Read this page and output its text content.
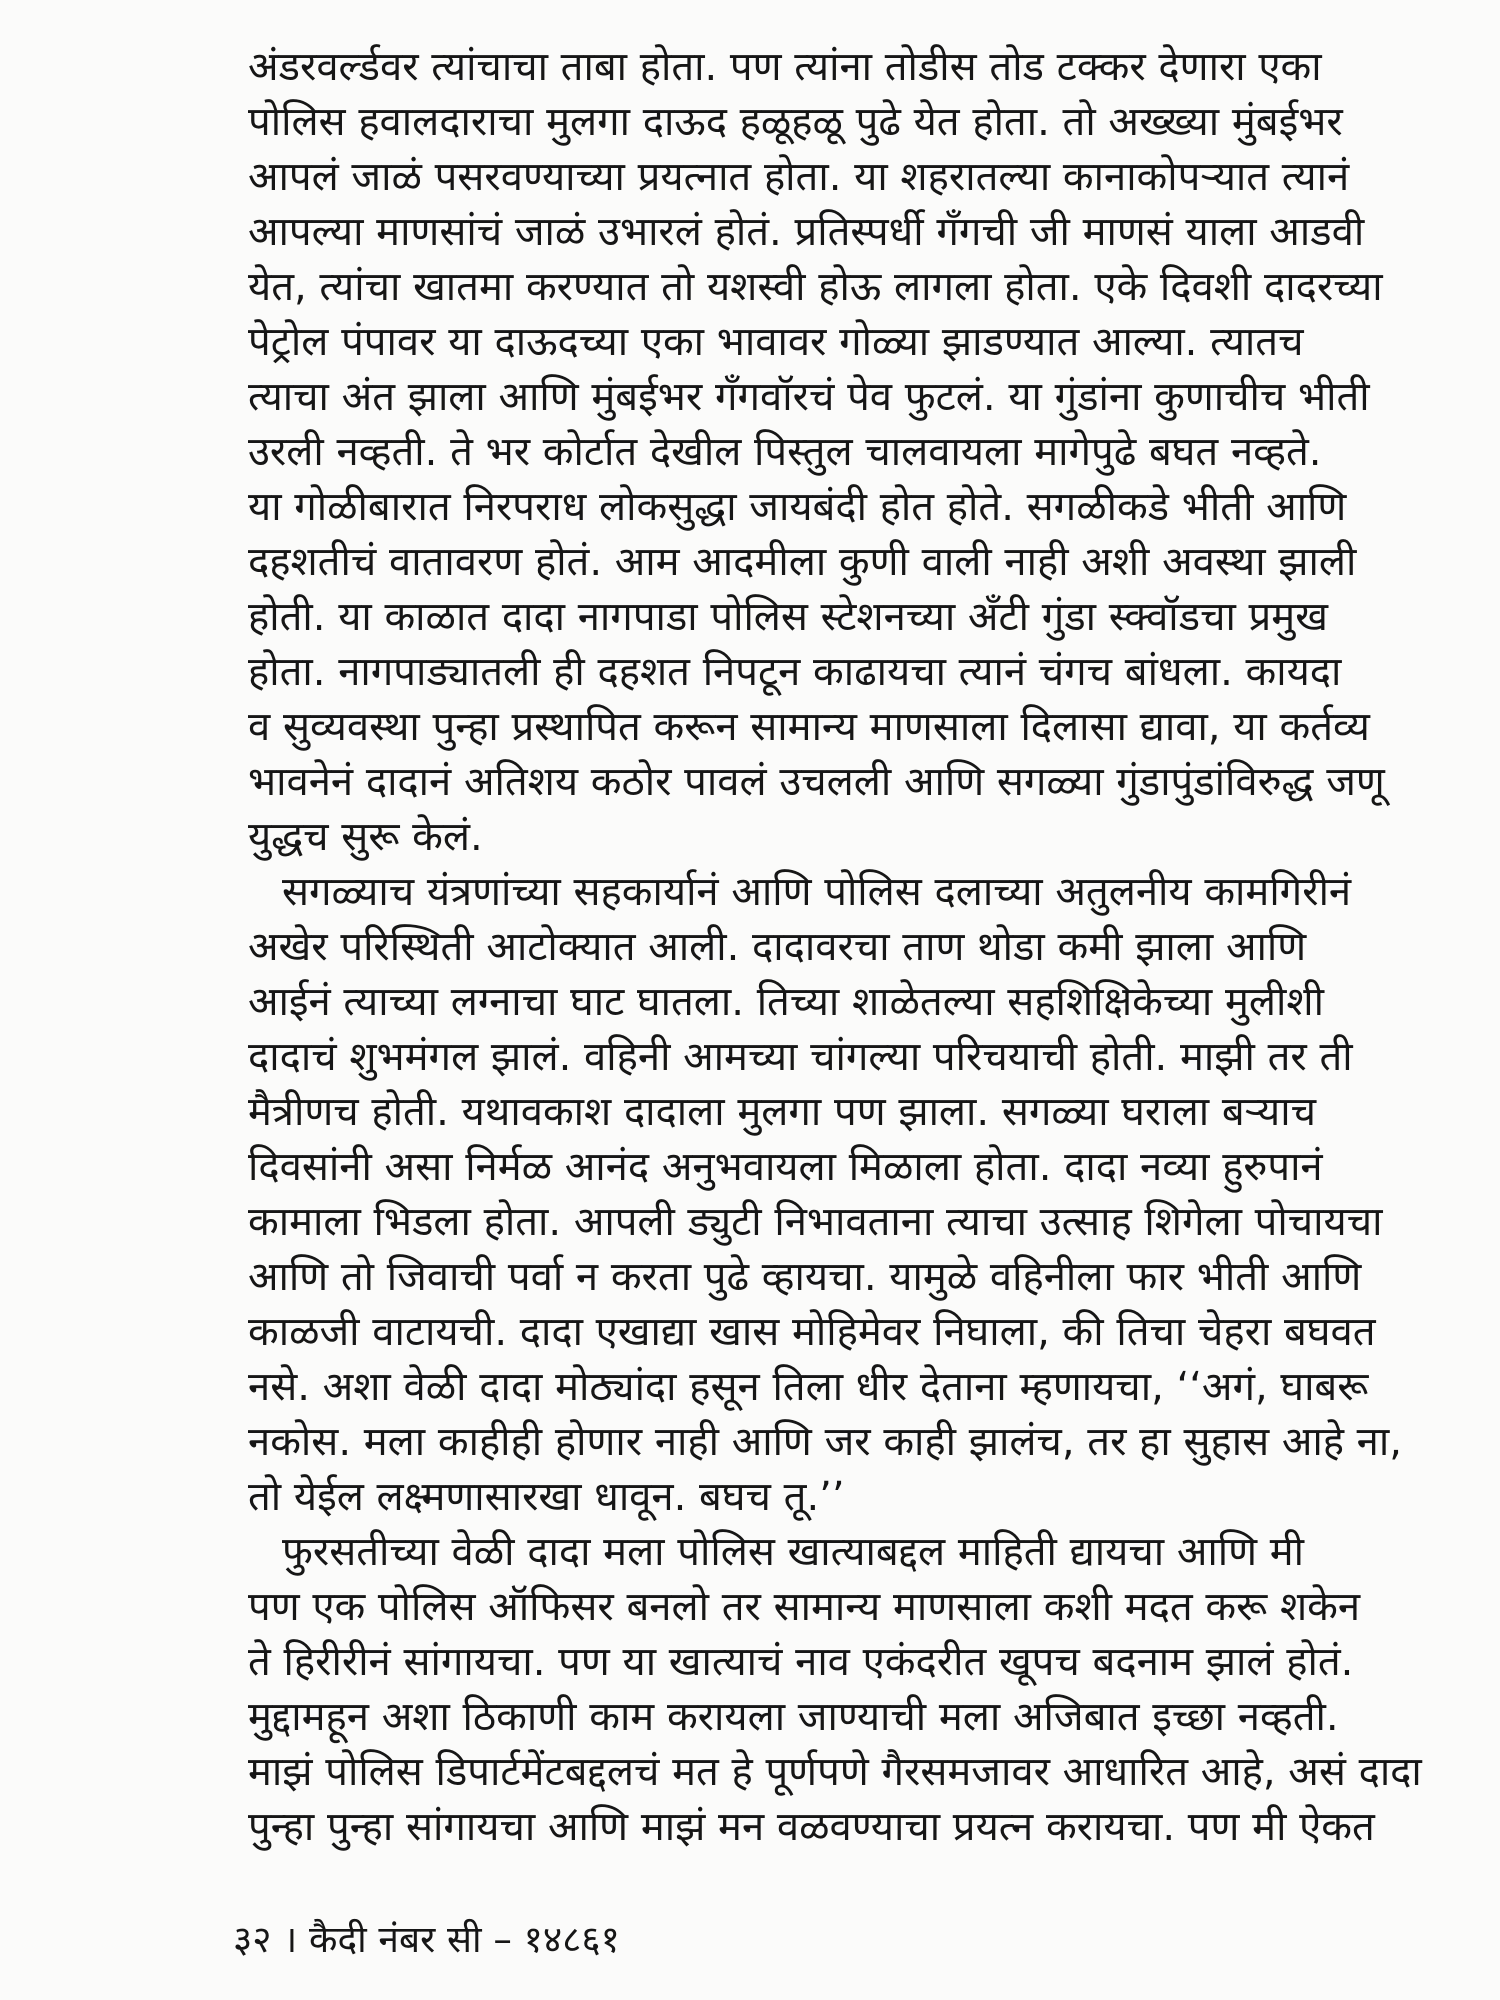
अंडरवर्ल्डवर त्यांचाचा ताबा होता. पण त्यांना तोडीस तोड टक्कर देणारा एका
पोलिस हवालदाराचा मुलगा दाऊद हळूहळू पुढे येत होता. तो अख्ख्या मुंबईभर
आपलं जाळं पसरवण्याच्या प्रयत्नात होता. या शहरातल्या कानाकोपऱ्यात त्यानं
आपल्या माणसांचं जाळं उभारलं होतं. प्रतिस्पर्धी गँगची जी माणसं याला आडवी
येत, त्यांचा खातमा करण्यात तो यशस्वी होऊ लागला होता. एके दिवशी दादरच्या
पेट्रोल पंपावर या दाऊदच्या एका भावावर गोळ्या झाडण्यात आल्या. त्यातच
त्याचा अंत झाला आणि मुंबईभर गँगवॉरचं पेव फुटलं. या गुंडांना कुणाचीच भीती
उरली नव्हती. ते भर कोर्टात देखील पिस्तुल चालवायला मागेपुढे बघत नव्हते.
या गोळीबारात निरपराध लोकसुद्धा जायबंदी होत होते. सगळीकडे भीती आणि
दहशतीचं वातावरण होतं. आम आदमीला कुणी वाली नाही अशी अवस्था झाली
होती. या काळात दादा नागपाडा पोलिस स्टेशनच्या अँटी गुंडा स्क्वॉडचा प्रमुख
होता. नागपाड्यातली ही दहशत निपटून काढायचा त्यानं चंगच बांधला. कायदा
व सुव्यवस्था पुन्हा प्रस्थापित करून सामान्य माणसाला दिलासा द्यावा, या कर्तव्य
भावनेनं दादानं अतिशय कठोर पावलं उचलली आणि सगळ्या गुंडापुंडांविरुद्ध जणू
युद्धच सुरू केलं.
सगळ्याच यंत्रणांच्या सहकार्यानं आणि पोलिस दलाच्या अतुलनीय कामगिरीनं
अखेर परिस्थिती आटोक्यात आली. दादावरचा ताण थोडा कमी झाला आणि
आईनं त्याच्या लग्नाचा घाट घातला. तिच्या शाळेतल्या सहशिक्षिकेच्या मुलीशी
दादाचं शुभमंगल झालं. वहिनी आमच्या चांगल्या परिचयाची होती. माझी तर ती
मैत्रीणच होती. यथावकाश दादाला मुलगा पण झाला. सगळ्या घराला बऱ्याच
दिवसांनी असा निर्मळ आनंद अनुभवायला मिळाला होता. दादा नव्या हुरुपानं
कामाला भिडला होता. आपली ड्युटी निभावताना त्याचा उत्साह शिगेला पोचायचा
आणि तो जिवाची पर्वा न करता पुढे व्हायचा. यामुळे वहिनीला फार भीती आणि
काळजी वाटायची. दादा एखाद्या खास मोहिमेवर निघाला, की तिचा चेहरा बघवत
नसे. अशा वेळी दादा मोठ्यांदा हसून तिला धीर देताना म्हणायचा, ‘‘अगं, घाबरू
नकोस. मला काहीही होणार नाही आणि जर काही झालंच, तर हा सुहास आहे ना,
तो येईल लक्ष्मणासारखा धावून. बघच तू.’’
फुरसतीच्या वेळी दादा मला पोलिस खात्याबद्दल माहिती द्यायचा आणि मी
पण एक पोलिस ऑफिसर बनलो तर सामान्य माणसाला कशी मदत करू शकेन
ते हिरीरीनं सांगायचा. पण या खात्याचं नाव एकंदरीत खूपच बदनाम झालं होतं.
मुद्दामहून अशा ठिकाणी काम करायला जाण्याची मला अजिबात इच्छा नव्हती.
माझं पोलिस डिपार्टमेंटबद्दलचं मत हे पूर्णपणे गैरसमजावर आधारित आहे, असं दादा
पुन्हा पुन्हा सांगायचा आणि माझं मन वळवण्याचा प्रयत्न करायचा. पण मी ऐकत
३२ । कैदी नंबर सी – १४८६१
